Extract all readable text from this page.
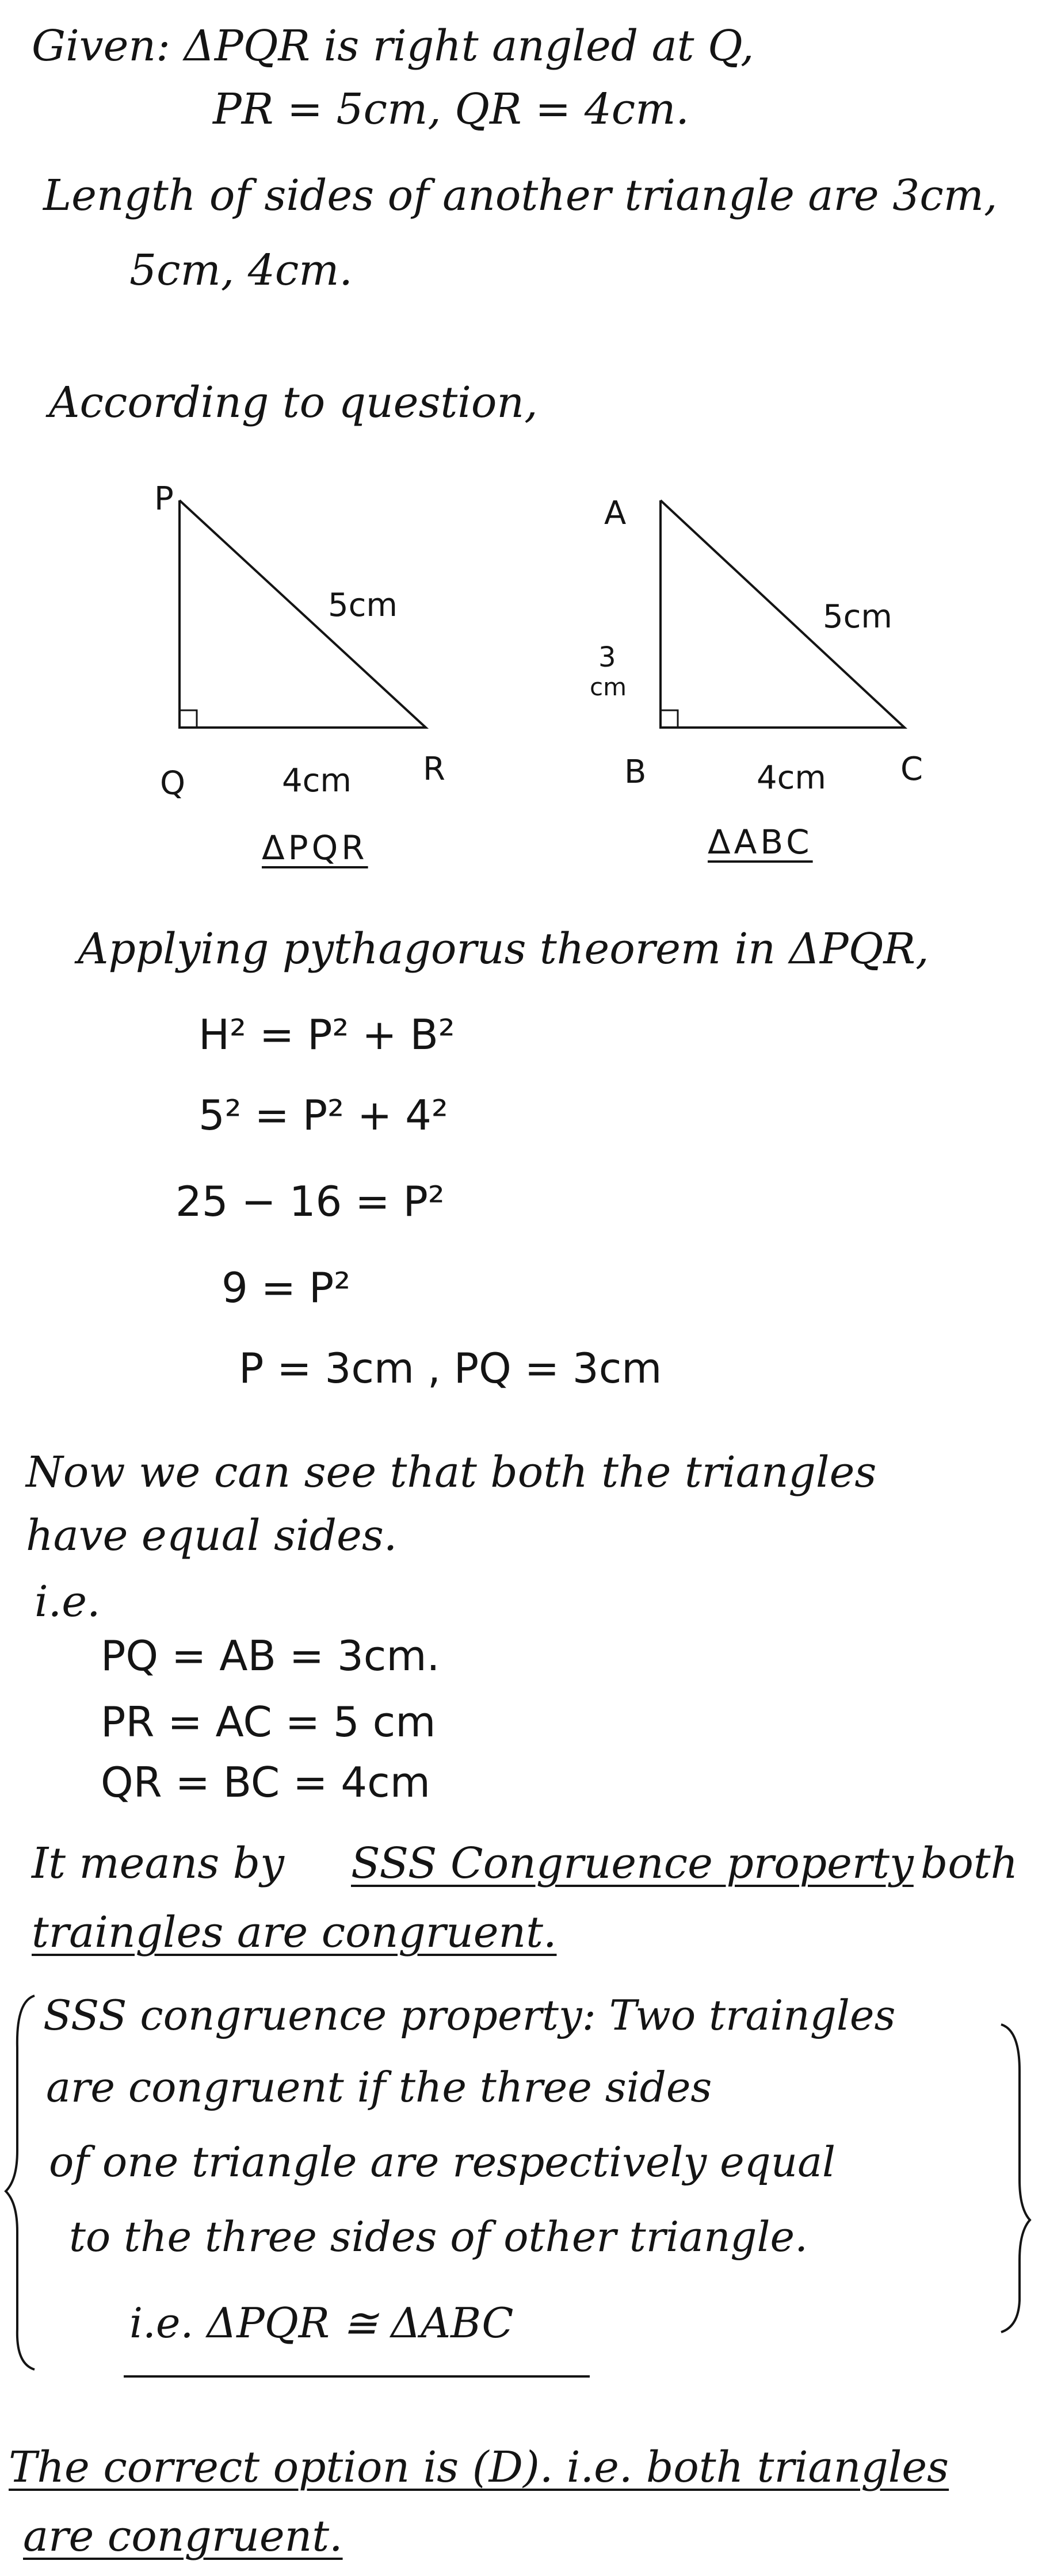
Given: ΔPQR is right angled at Q,
PR = 5cm, QR = 4cm.
Length of sides of another triangle are 3cm,
5cm, 4cm.
According to question,
P
Q	R
5cm
4cm
ΔPQR
A
B	C
3
cm
5cm
4cm
ΔABC
Applying pythagorus theorem in ΔPQR,
H² = P² + B²
5² = P² + 4²
25 − 16 = P²
9 = P²
P = 3cm , PQ = 3cm
Now we can see that both the triangles
have equal sides.
i.e.
PQ = AB = 3cm.
PR = AC = 5 cm
QR = BC = 4cm
It means by SSS Congruence property both
traingles are congruent.
SSS congruence property: Two traingles
are congruent if the three sides
of one triangle are respectively equal
to the three sides of other triangle.
i.e. ΔPQR ≅ ΔABC
The correct option is (D). i.e. both triangles
are congruent.
